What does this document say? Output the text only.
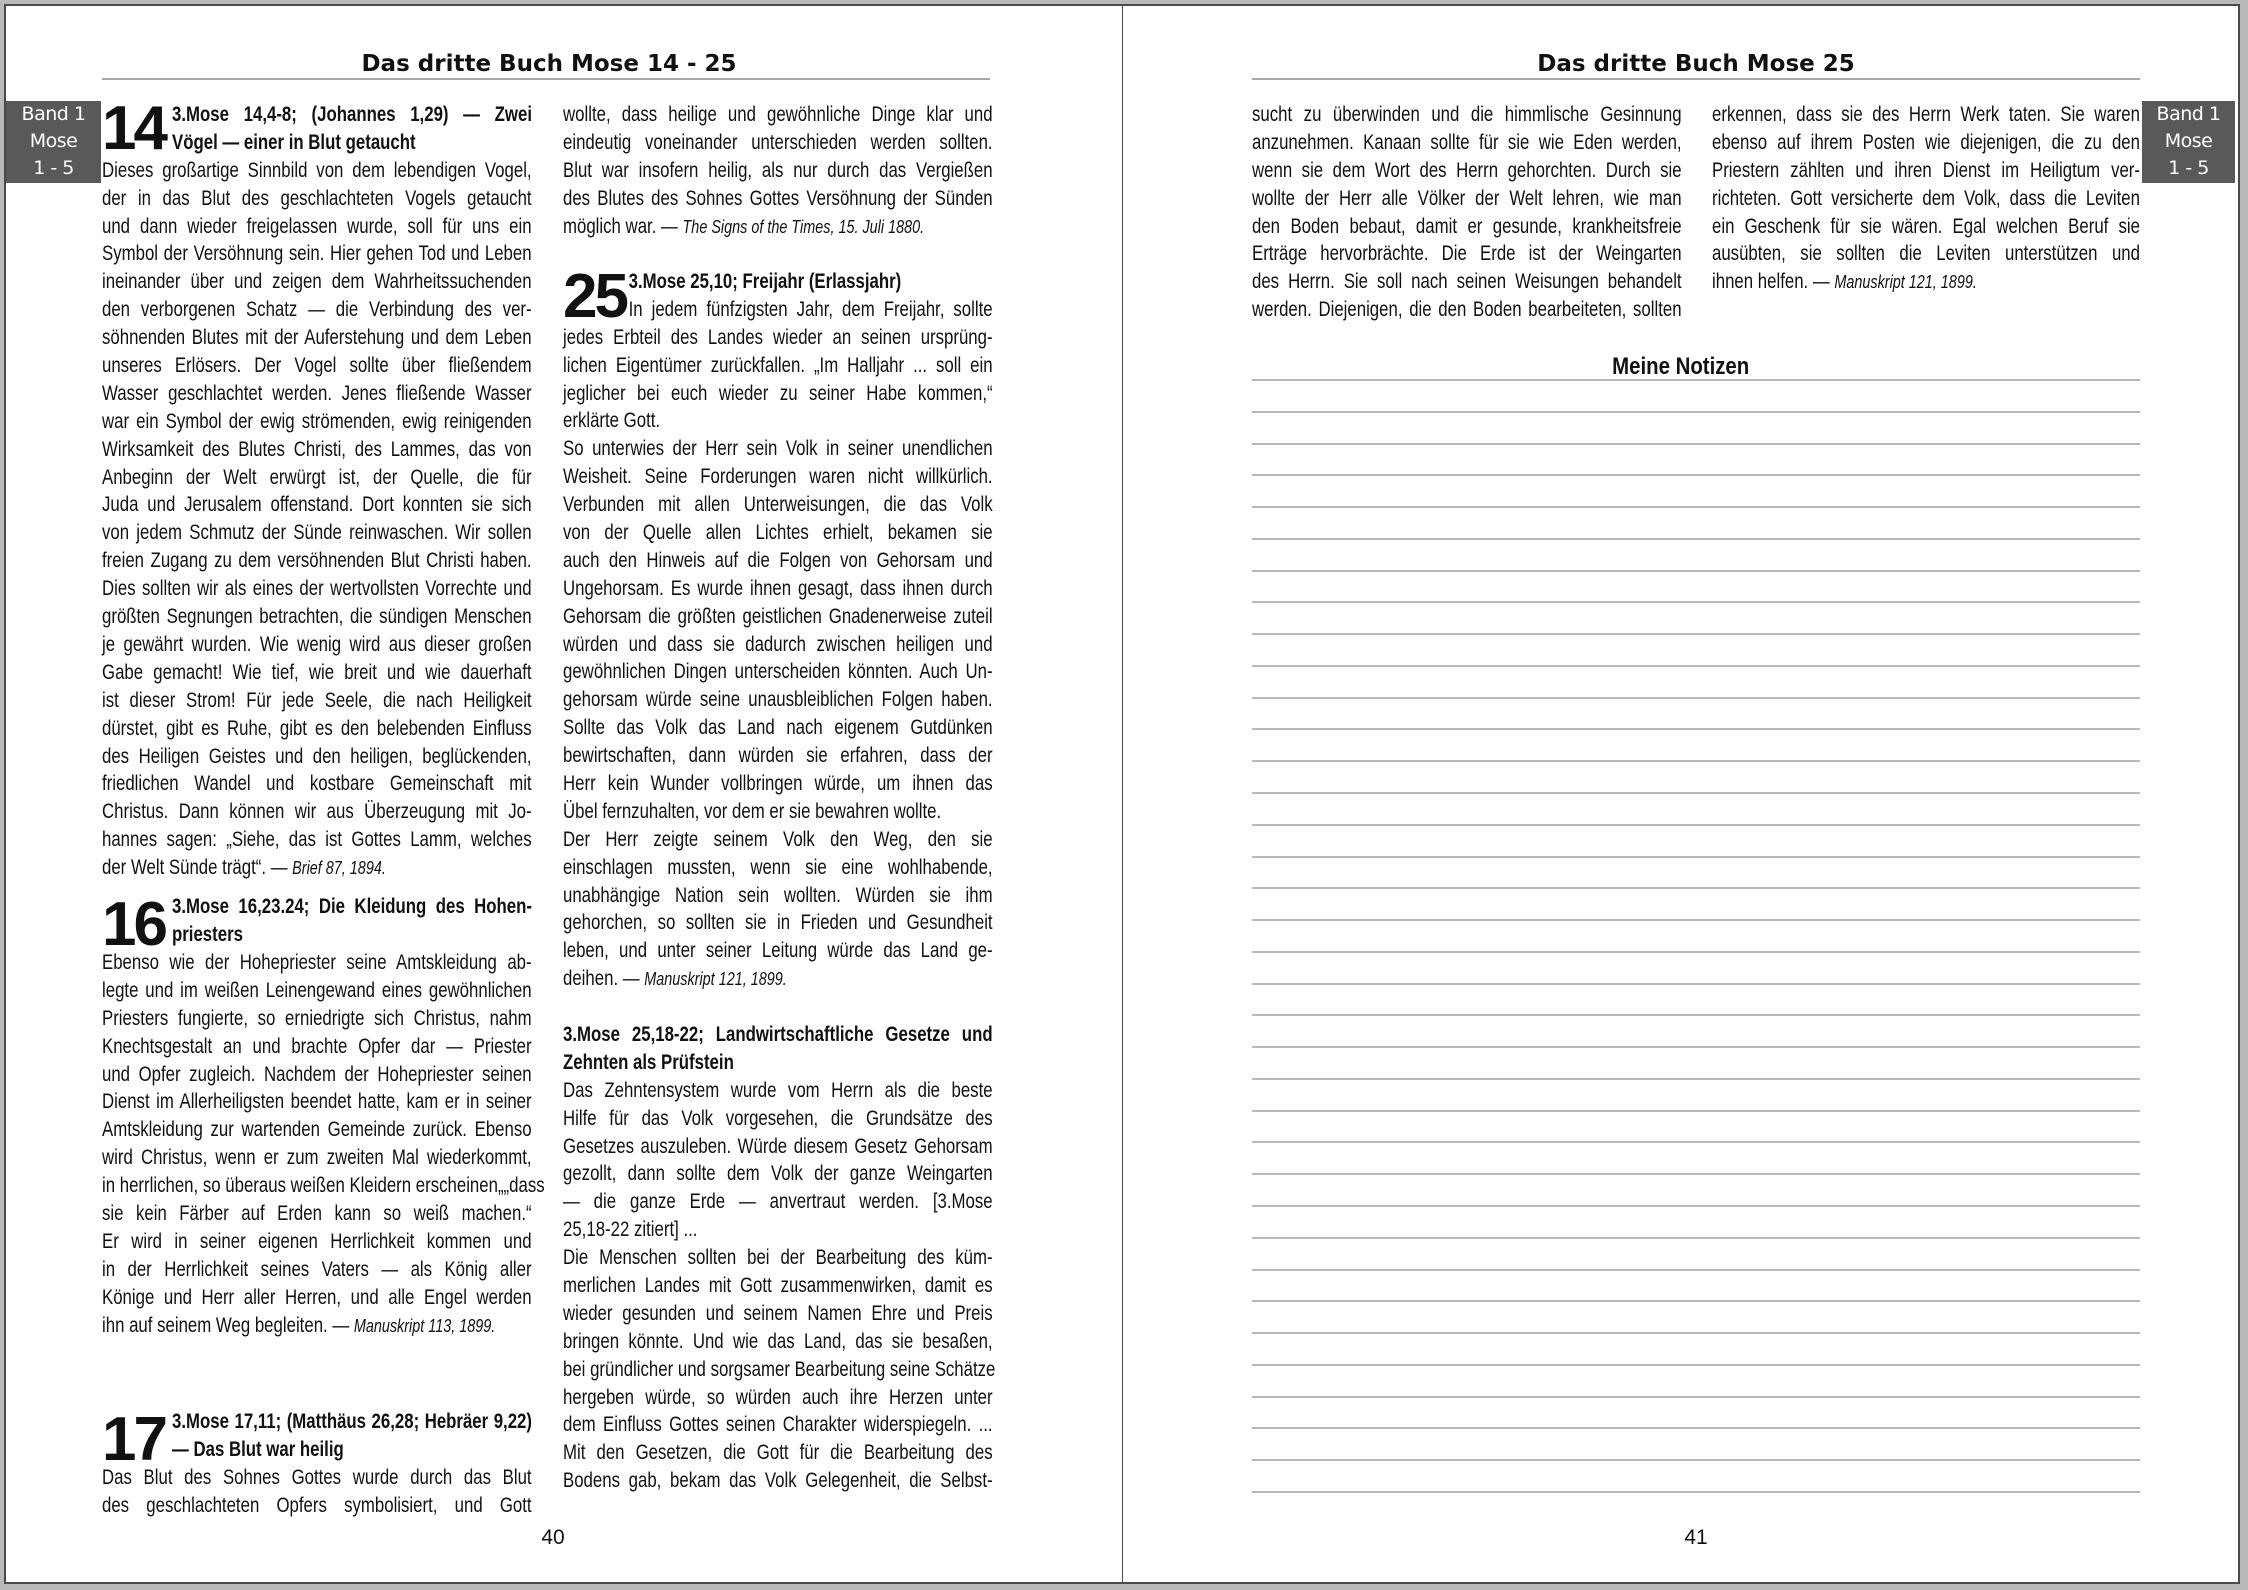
Das dritte Buch Mose 14 - 25
Band 1
Mose
1 - 5
14 3.Mose 14,4-8; (Johannes 1,29) — Zwei
Vögel — einer in Blut getaucht
Dieses großartige Sinnbild von dem lebendigen Vogel,
der in das Blut des geschlachteten Vogels getaucht
und dann wieder freigelassen wurde, soll für uns ein
Symbol der Versöhnung sein. Hier gehen Tod und Leben
ineinander über und zeigen dem Wahrheitssuchenden
den verborgenen Schatz — die Verbindung des ver-
söhnenden Blutes mit der Auferstehung und dem Leben
unseres Erlösers. Der Vogel sollte über fließendem
Wasser geschlachtet werden. Jenes fließende Wasser
war ein Symbol der ewig strömenden, ewig reinigenden
Wirksamkeit des Blutes Christi, des Lammes, das von
Anbeginn der Welt erwürgt ist, der Quelle, die für
Juda und Jerusalem offenstand. Dort konnten sie sich
von jedem Schmutz der Sünde reinwaschen. Wir sollen
freien Zugang zu dem versöhnenden Blut Christi haben.
Dies sollten wir als eines der wertvollsten Vorrechte und
größten Segnungen betrachten, die sündigen Menschen
je gewährt wurden. Wie wenig wird aus dieser großen
Gabe gemacht! Wie tief, wie breit und wie dauerhaft
ist dieser Strom! Für jede Seele, die nach Heiligkeit
dürstet, gibt es Ruhe, gibt es den belebenden Einfluss
des Heiligen Geistes und den heiligen, beglückenden,
friedlichen Wandel und kostbare Gemeinschaft mit
Christus. Dann können wir aus Überzeugung mit Jo-
hannes sagen: „Siehe, das ist Gottes Lamm, welches
der Welt Sünde trägt“. — Brief 87, 1894.
16 3.Mose 16,23.24; Die Kleidung des Hohen-
priesters
Ebenso wie der Hohepriester seine Amtskleidung ab-
legte und im weißen Leinengewand eines gewöhnlichen
Priesters fungierte, so erniedrigte sich Christus, nahm
Knechtsgestalt an und brachte Opfer dar — Priester
und Opfer zugleich. Nachdem der Hohepriester seinen
Dienst im Allerheiligsten beendet hatte, kam er in seiner
Amtskleidung zur wartenden Gemeinde zurück. Ebenso
wird Christus, wenn er zum zweiten Mal wiederkommt,
in herrlichen, so überaus weißen Kleidern erscheinen„„dass
sie kein Färber auf Erden kann so weiß machen.“
Er wird in seiner eigenen Herrlichkeit kommen und
in der Herrlichkeit seines Vaters — als König aller
Könige und Herr aller Herren, und alle Engel werden
ihn auf seinem Weg begleiten. — Manuskript 113, 1899.
17 3.Mose 17,11; (Matthäus 26,28; Hebräer 9,22)
— Das Blut war heilig
Das Blut des Sohnes Gottes wurde durch das Blut
des geschlachteten Opfers symbolisiert, und Gott
wollte, dass heilige und gewöhnliche Dinge klar und
eindeutig voneinander unterschieden werden sollten.
Blut war insofern heilig, als nur durch das Vergießen
des Blutes des Sohnes Gottes Versöhnung der Sünden
möglich war. — The Signs of the Times, 15. Juli 1880.
25 3.Mose 25,10; Freijahr (Erlassjahr)
In jedem fünfzigsten Jahr, dem Freijahr, sollte
jedes Erbteil des Landes wieder an seinen ursprüng-
lichen Eigentümer zurückfallen. „Im Halljahr ... soll ein
jeglicher bei euch wieder zu seiner Habe kommen,“
erklärte Gott.
So unterwies der Herr sein Volk in seiner unendlichen
Weisheit. Seine Forderungen waren nicht willkürlich.
Verbunden mit allen Unterweisungen, die das Volk
von der Quelle allen Lichtes erhielt, bekamen sie
auch den Hinweis auf die Folgen von Gehorsam und
Ungehorsam. Es wurde ihnen gesagt, dass ihnen durch
Gehorsam die größten geistlichen Gnadenerweise zuteil
würden und dass sie dadurch zwischen heiligen und
gewöhnlichen Dingen unterscheiden könnten. Auch Un-
gehorsam würde seine unausbleiblichen Folgen haben.
Sollte das Volk das Land nach eigenem Gutdünken
bewirtschaften, dann würden sie erfahren, dass der
Herr kein Wunder vollbringen würde, um ihnen das
Übel fernzuhalten, vor dem er sie bewahren wollte.
Der Herr zeigte seinem Volk den Weg, den sie
einschlagen mussten, wenn sie eine wohlhabende,
unabhängige Nation sein wollten. Würden sie ihm
gehorchen, so sollten sie in Frieden und Gesundheit
leben, und unter seiner Leitung würde das Land ge-
deihen. — Manuskript 121, 1899.
3.Mose 25,18-22; Landwirtschaftliche Gesetze und
Zehnten als Prüfstein
Das Zehntensystem wurde vom Herrn als die beste
Hilfe für das Volk vorgesehen, die Grundsätze des
Gesetzes auszuleben. Würde diesem Gesetz Gehorsam
gezollt, dann sollte dem Volk der ganze Weingarten
— die ganze Erde — anvertraut werden. [3.Mose
25,18-22 zitiert] ...
Die Menschen sollten bei der Bearbeitung des küm-
merlichen Landes mit Gott zusammenwirken, damit es
wieder gesunden und seinem Namen Ehre und Preis
bringen könnte. Und wie das Land, das sie besaßen,
bei gründlicher und sorgsamer Bearbeitung seine Schätze
hergeben würde, so würden auch ihre Herzen unter
dem Einfluss Gottes seinen Charakter widerspiegeln. ...
Mit den Gesetzen, die Gott für die Bearbeitung des
Bodens gab, bekam das Volk Gelegenheit, die Selbst-
40
Das dritte Buch Mose 25
Band 1
Mose
1 - 5
sucht zu überwinden und die himmlische Gesinnung
anzunehmen. Kanaan sollte für sie wie Eden werden,
wenn sie dem Wort des Herrn gehorchten. Durch sie
wollte der Herr alle Völker der Welt lehren, wie man
den Boden bebaut, damit er gesunde, krankheitsfreie
Erträge hervorbrächte. Die Erde ist der Weingarten
des Herrn. Sie soll nach seinen Weisungen behandelt
werden. Diejenigen, die den Boden bearbeiteten, sollten
erkennen, dass sie des Herrn Werk taten. Sie waren
ebenso auf ihrem Posten wie diejenigen, die zu den
Priestern zählten und ihren Dienst im Heiligtum ver-
richteten. Gott versicherte dem Volk, dass die Leviten
ein Geschenk für sie wären. Egal welchen Beruf sie
ausübten, sie sollten die Leviten unterstützen und
ihnen helfen. — Manuskript 121, 1899.
Meine Notizen
41
